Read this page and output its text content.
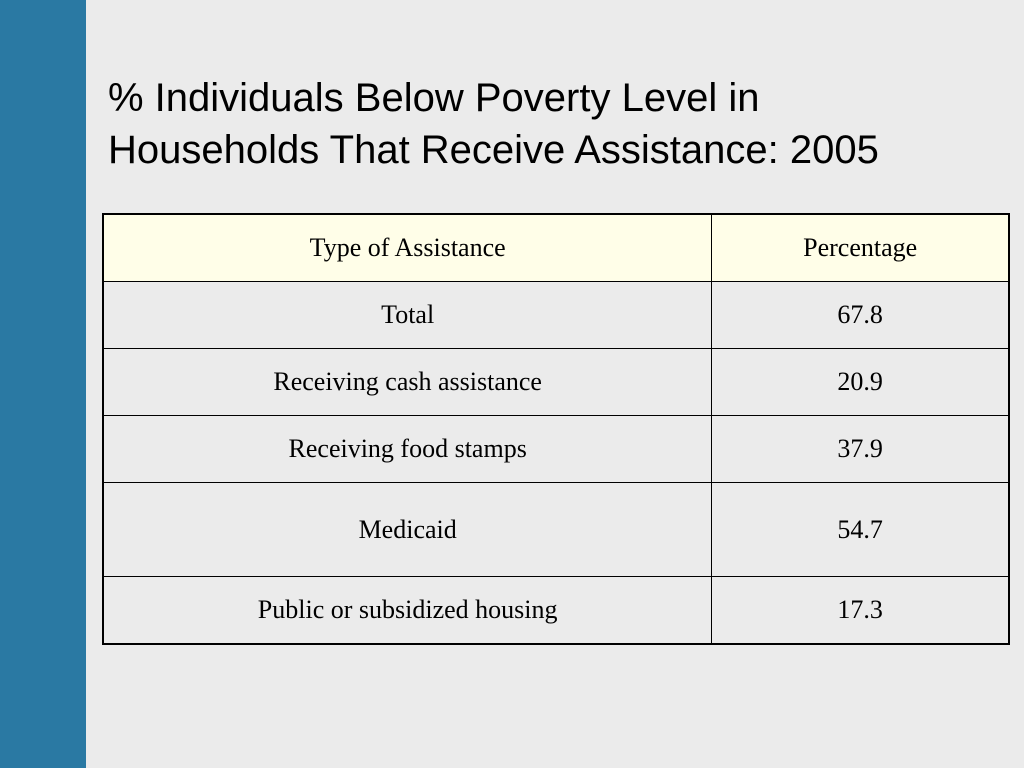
% Individuals Below Poverty Level in
Households That Receive Assistance: 2005
Type of Assistance	Percentage
Total	67.8
Receiving cash assistance	20.9
Receiving food stamps	37.9
Medicaid	54.7
Public or subsidized housing	17.3
